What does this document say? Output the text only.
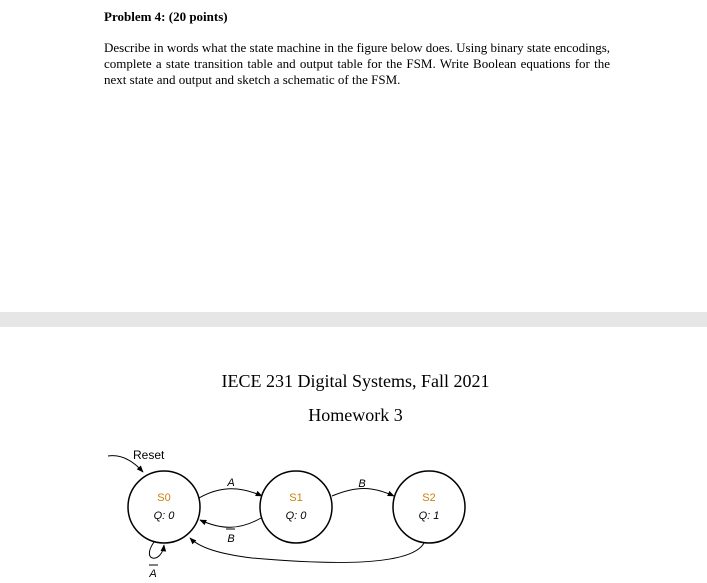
Problem 4: (20 points)
Describe in words what the state machine in the figure below does. Using binary state encodings, complete a state transition table and output table for the FSM. Write Boolean equations for the next state and output and sketch a schematic of the FSM.
IECE 231 Digital Systems, Fall 2021
Homework 3
Reset
S0
Q: 0
S1
Q: 0
S2
Q: 1
A
B
B
A
